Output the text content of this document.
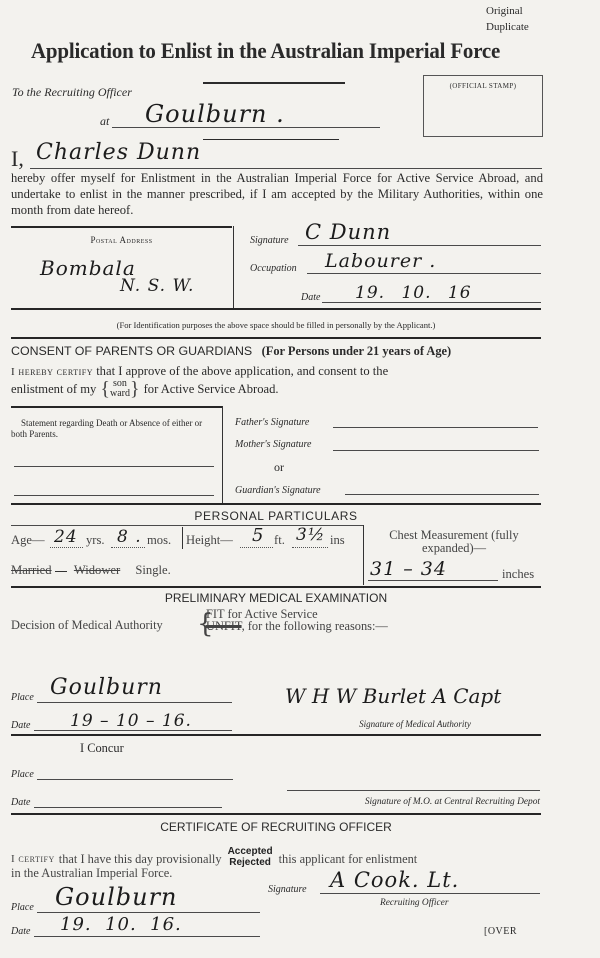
Original
Duplicate
Application to Enlist in the Australian Imperial Force
(OFFICIAL STAMP)
To the Recruiting Officer
at Goulburn .
I, Charles Dunn
hereby offer myself for Enlistment in the Australian Imperial Force for Active Service Abroad, and undertake to enlist in the manner prescribed, if I am accepted by the Military Authorities, within one month from date hereof.
Postal Address
Bombala
N. S. W.
Signature C Dunn
Occupation Labourer .
Date 19. 10. 16
(For Identification purposes the above space should be filled in personally by the Applicant.)
CONSENT OF PARENTS OR GUARDIANS (For Persons under 21 years of Age)
I hereby certify that I approve of the above application, and consent to the
enlistment of my { son
ward } for Active Service Abroad.
Statement regarding Death or Absence of either or both Parents.
Father's Signature
Mother's Signature
or
Guardian's Signature
PERSONAL PARTICULARS
Age— 24 yrs. 8 . mos. Height— 5 ft. 3½ ins
Married Widower Single.
Chest Measurement (fully expanded)—
31 – 34	inches
PRELIMINARY MEDICAL EXAMINATION
Decision of Medical Authority {
FIT for Active Service
UNFIT, for the following reasons:—
Place Goulburn
Date 19 – 10 – 16.
W H W Burlet A Capt
Signature of Medical Authority
I Concur
Place
Date	Signature of M.O. at Central Recruiting Depot
CERTIFICATE OF RECRUITING OFFICER
I certify that I have this day provisionally Accepted
Rejected this applicant for enlistment
in the Australian Imperial Force.
Signature A Cook. Lt.
Recruiting Officer
Place Goulburn
Date 19.  10.  16.	[OVER
